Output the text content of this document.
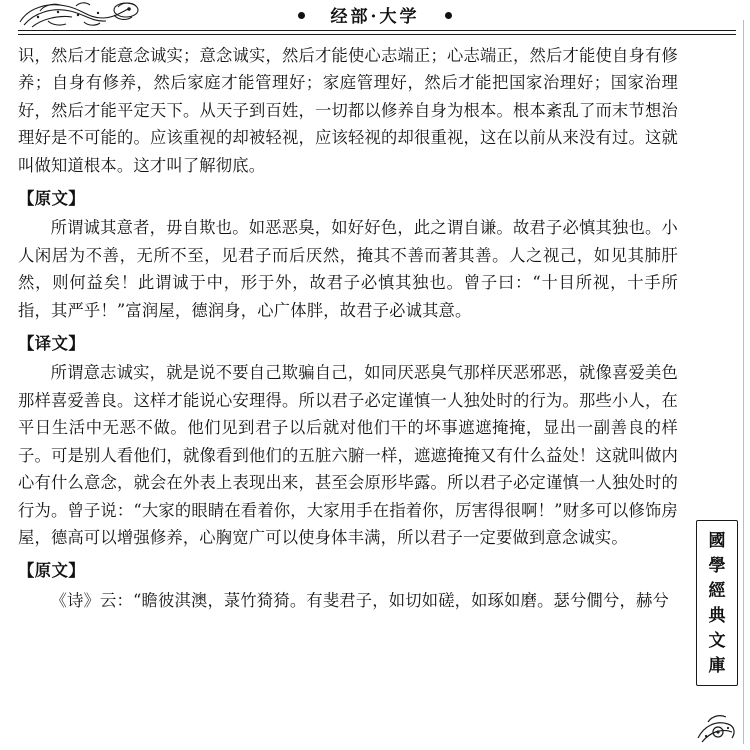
经部·大学

识，然后才能意念诚实；意念诚实，然后才能使心志端正；心志端正，然后才能使自身有修养；自身有修养，然后家庭才能管理好；家庭管理好，然后才能把国家治理好；国家治理好，然后才能平定天下。从天子到百姓，一切都以修养自身为根本。根本紊乱了而末节想治理好是不可能的。应该重视的却被轻视，应该轻视的却很重视，这在以前从来没有过。这就叫做知道根本。这才叫了解彻底。

【原文】

所谓诚其意者，毋自欺也。如恶恶臭，如好好色，此之谓自谦。故君子必慎其独也。小人闲居为不善，无所不至，见君子而后厌然，掩其不善而著其善。人之视己，如见其肺肝然，则何益矣！此谓诚于中，形于外，故君子必慎其独也。曾子曰：“十目所视，十手所指，其严乎！”富润屋，德润身，心广体胖，故君子必诚其意。

【译文】

所谓意志诚实，就是说不要自己欺骗自己，如同厌恶臭气那样厌恶邪恶，就像喜爱美色那样喜爱善良。这样才能说心安理得。所以君子必定谨慎一人独处时的行为。那些小人，在平日生活中无恶不做。他们见到君子以后就对他们干的坏事遮遮掩掩，显出一副善良的样子。可是别人看他们，就像看到他们的五脏六腑一样，遮遮掩掩又有什么益处！这就叫做内心有什么意念，就会在外表上表现出来，甚至会原形毕露。所以君子必定谨慎一人独处时的行为。曾子说：“大家的眼睛在看着你，大家用手在指着你，厉害得很啊！”财多可以修饰房屋，德高可以增强修养，心胸宽广可以使身体丰满，所以君子一定要做到意念诚实。

【原文】

《诗》云：“瞻彼淇澳，菉竹猗猗。有斐君子，如切如磋，如琢如磨。瑟兮僩兮，赫兮

國
學
經
典
文
庫
